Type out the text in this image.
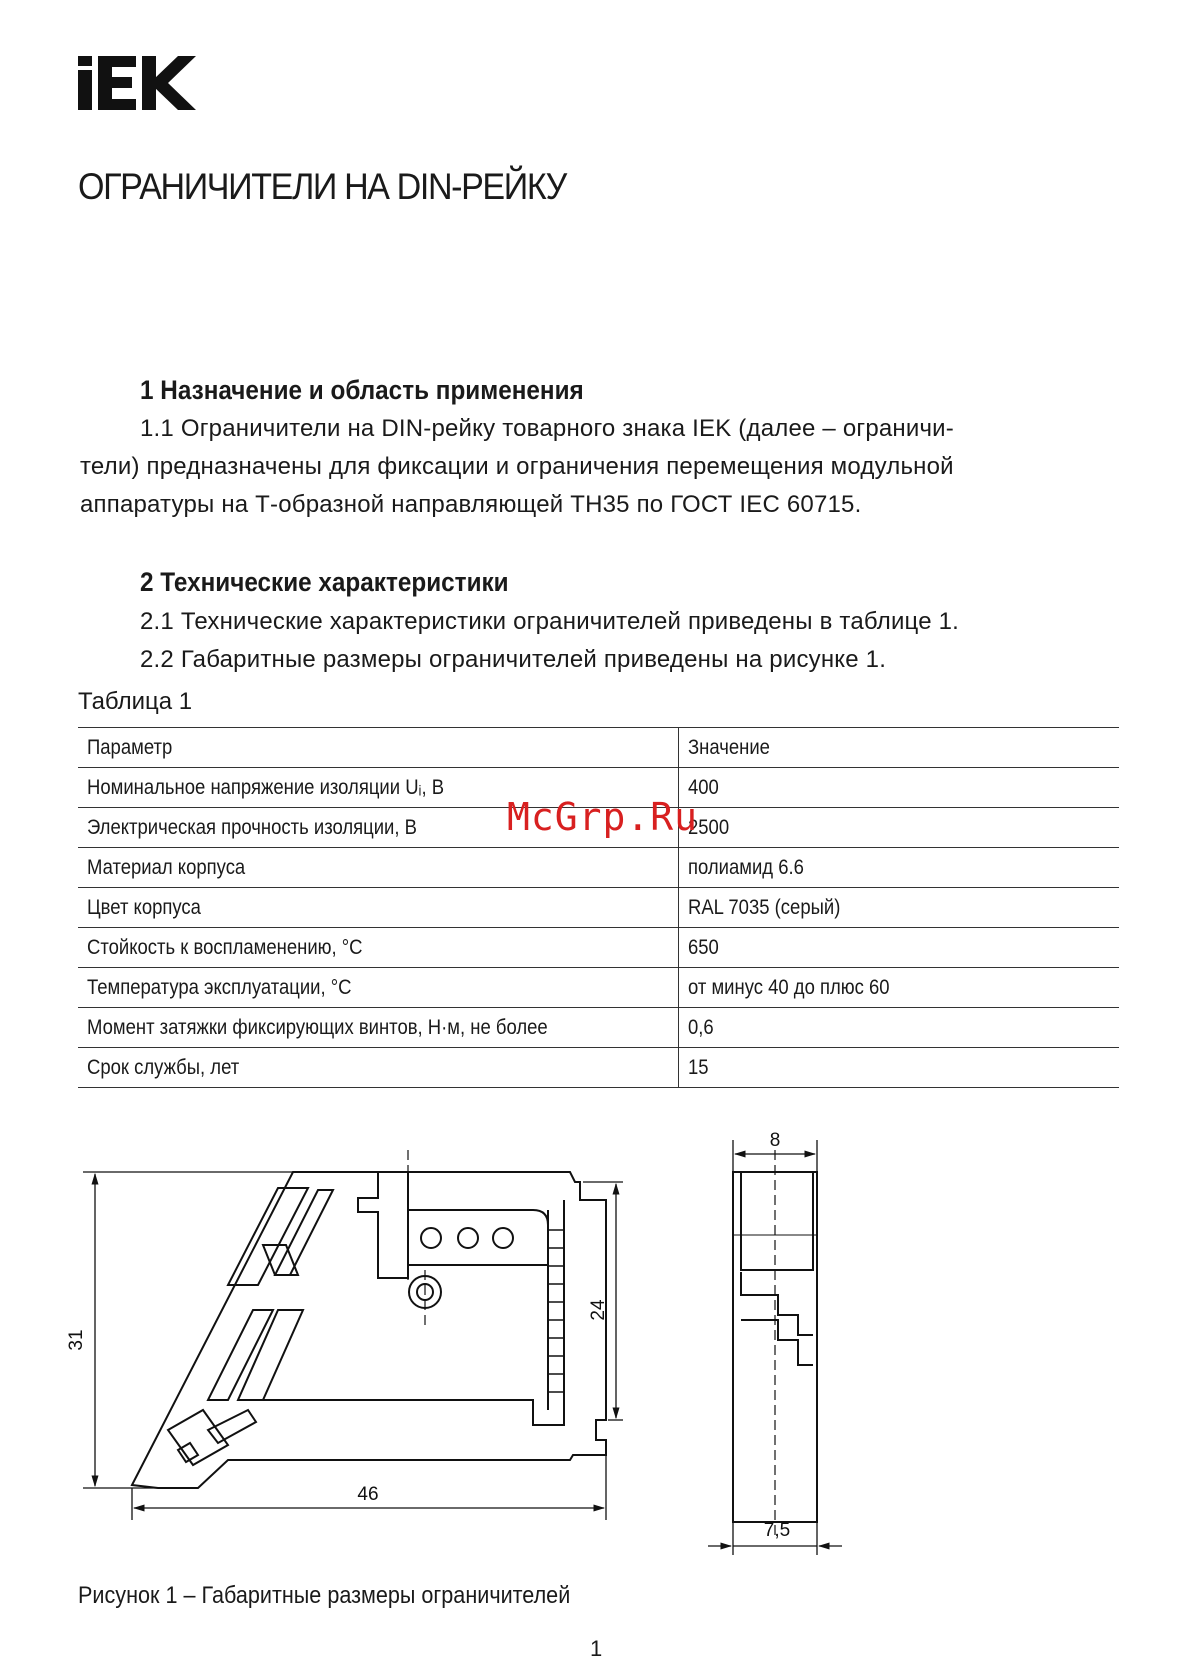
ОГРАНИЧИТЕЛИ НА DIN-РЕЙКУ
1 Назначение и область применения
1.1 Ограничители на DIN-рейку товарного знака IEK (далее – ограничи-
тели) предназначены для фиксации и ограничения перемещения модульной
аппаратуры на Т-образной направляющей ТН35 по ГОСТ IEC 60715.
2 Технические характеристики
2.1 Технические характеристики ограничителей приведены в таблице 1.
2.2 Габаритные размеры ограничителей приведены на рисунке 1.
Таблица 1
Параметр	Значение
Номинальное напряжение изоляции Uᵢ, В	400
Электрическая прочность изоляции, В	2500
Материал корпуса	полиамид 6.6
Цвет корпуса	RAL 7035 (серый)
Стойкость к воспламенению, °С	650
Температура эксплуатации, °С	от минус 40 до плюс 60
Момент затяжки фиксирующих винтов, Н·м, не более	0,6
Срок службы, лет	15
McGrp.Ru
31
24
46
8
7,5
Рисунок 1 – Габаритные размеры ограничителей
1
